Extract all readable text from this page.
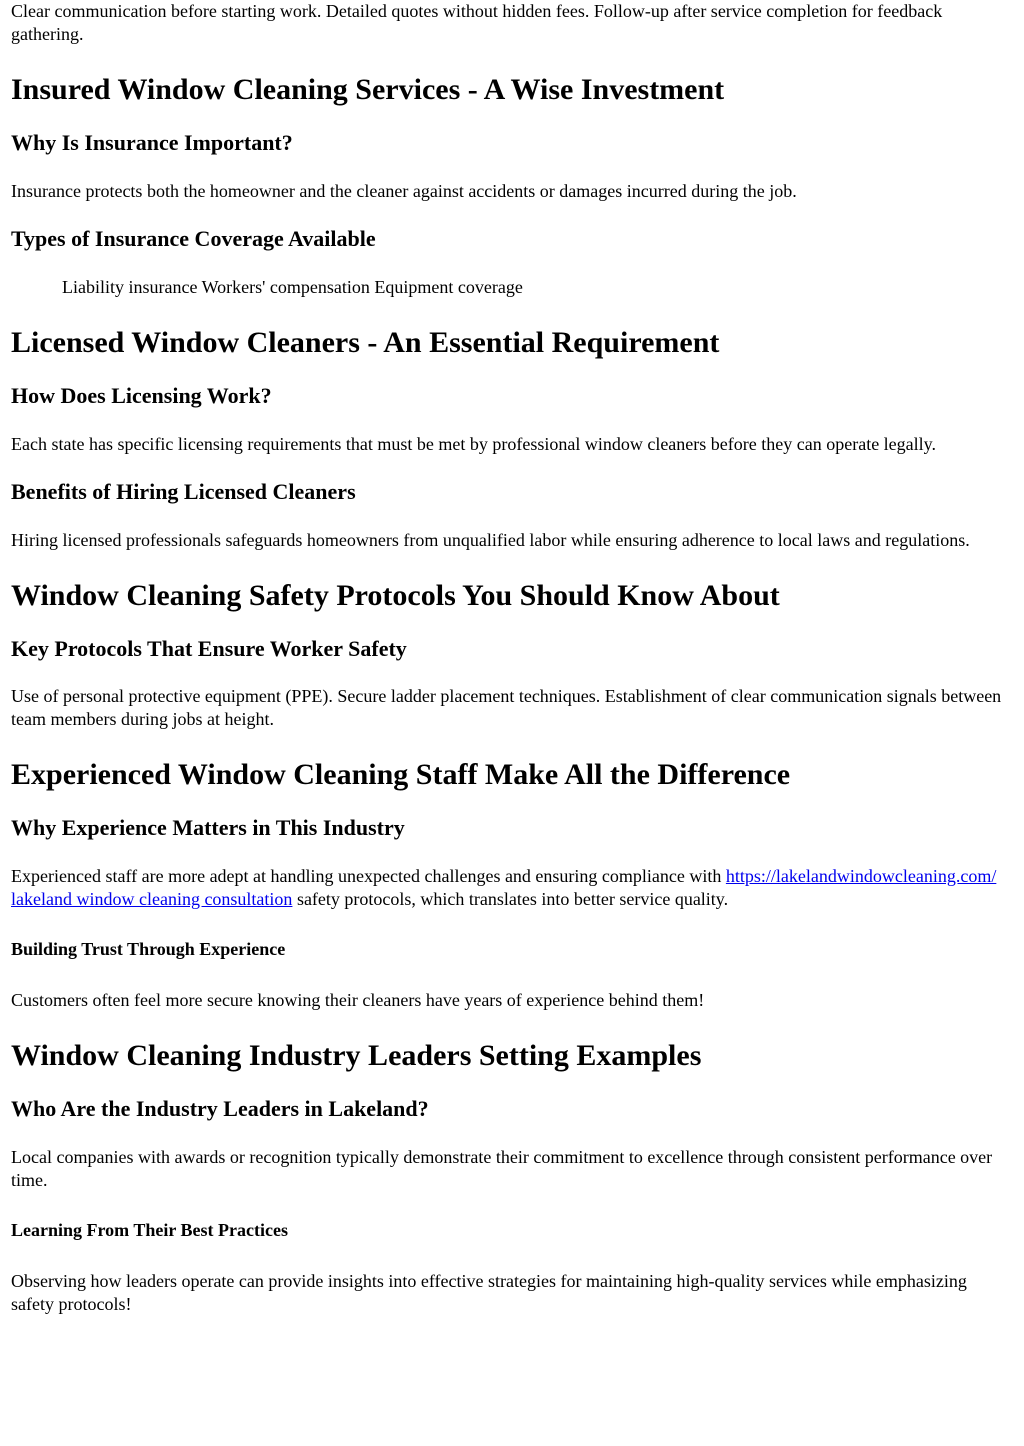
Clear communication before starting work. Detailed quotes without hidden fees. Follow-up after service completion for feedback gathering.

Insured Window Cleaning Services - A Wise Investment
Why Is Insurance Important?

Insurance protects both the homeowner and the cleaner against accidents or damages incurred during the job.

Types of Insurance Coverage Available

Liability insurance Workers' compensation Equipment coverage

Licensed Window Cleaners - An Essential Requirement
How Does Licensing Work?

Each state has specific licensing requirements that must be met by professional window cleaners before they can operate legally.

Benefits of Hiring Licensed Cleaners

Hiring licensed professionals safeguards homeowners from unqualified labor while ensuring adherence to local laws and regulations.

Window Cleaning Safety Protocols You Should Know About
Key Protocols That Ensure Worker Safety

Use of personal protective equipment (PPE). Secure ladder placement techniques. Establishment of clear communication signals between team members during jobs at height.

Experienced Window Cleaning Staff Make All the Difference
Why Experience Matters in This Industry

Experienced staff are more adept at handling unexpected challenges and ensuring compliance with https://lakelandwindowcleaning.com/ lakeland window cleaning consultation safety protocols, which translates into better service quality.

Building Trust Through Experience

Customers often feel more secure knowing their cleaners have years of experience behind them!

Window Cleaning Industry Leaders Setting Examples
Who Are the Industry Leaders in Lakeland?

Local companies with awards or recognition typically demonstrate their commitment to excellence through consistent performance over time.

Learning From Their Best Practices

Observing how leaders operate can provide insights into effective strategies for maintaining high-quality services while emphasizing safety protocols!
